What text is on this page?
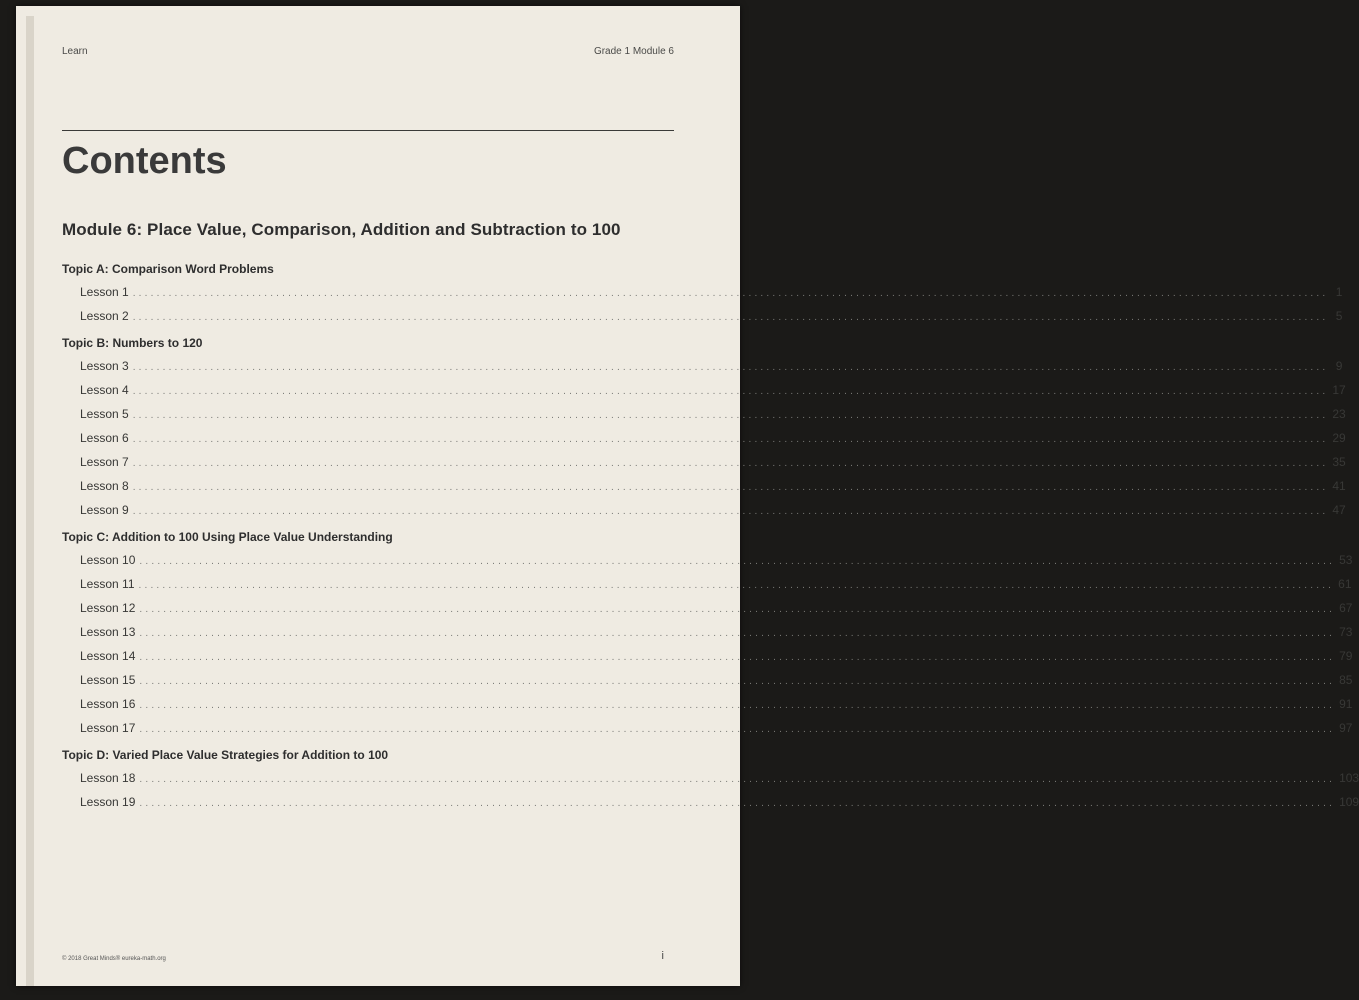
Learn	Grade 1 Module 6
Contents
Module 6: Place Value, Comparison, Addition and Subtraction to 100
Topic A: Comparison Word Problems
Lesson 1 ........................................................................................................................................................................................................ 1
Lesson 2 ........................................................................................................................................................................................................ 5
Topic B: Numbers to 120
Lesson 3 ........................................................................................................................................................................................................ 9
Lesson 4 ........................................................................................................................................................................................................ 17
Lesson 5 ........................................................................................................................................................................................................ 23
Lesson 6 ........................................................................................................................................................................................................ 29
Lesson 7 ........................................................................................................................................................................................................ 35
Lesson 8 ........................................................................................................................................................................................................ 41
Lesson 9 ........................................................................................................................................................................................................ 47
Topic C: Addition to 100 Using Place Value Understanding
Lesson 10 ........................................................................................................................................................................................................ 53
Lesson 11 ........................................................................................................................................................................................................ 61
Lesson 12 ........................................................................................................................................................................................................ 67
Lesson 13 ........................................................................................................................................................................................................ 73
Lesson 14 ........................................................................................................................................................................................................ 79
Lesson 15 ........................................................................................................................................................................................................ 85
Lesson 16 ........................................................................................................................................................................................................ 91
Lesson 17 ........................................................................................................................................................................................................ 97
Topic D: Varied Place Value Strategies for Addition to 100
Lesson 18 ........................................................................................................................................................................................................ 103
Lesson 19 ........................................................................................................................................................................................................ 109
© 2018 Great Minds® eureka-math.org	i
